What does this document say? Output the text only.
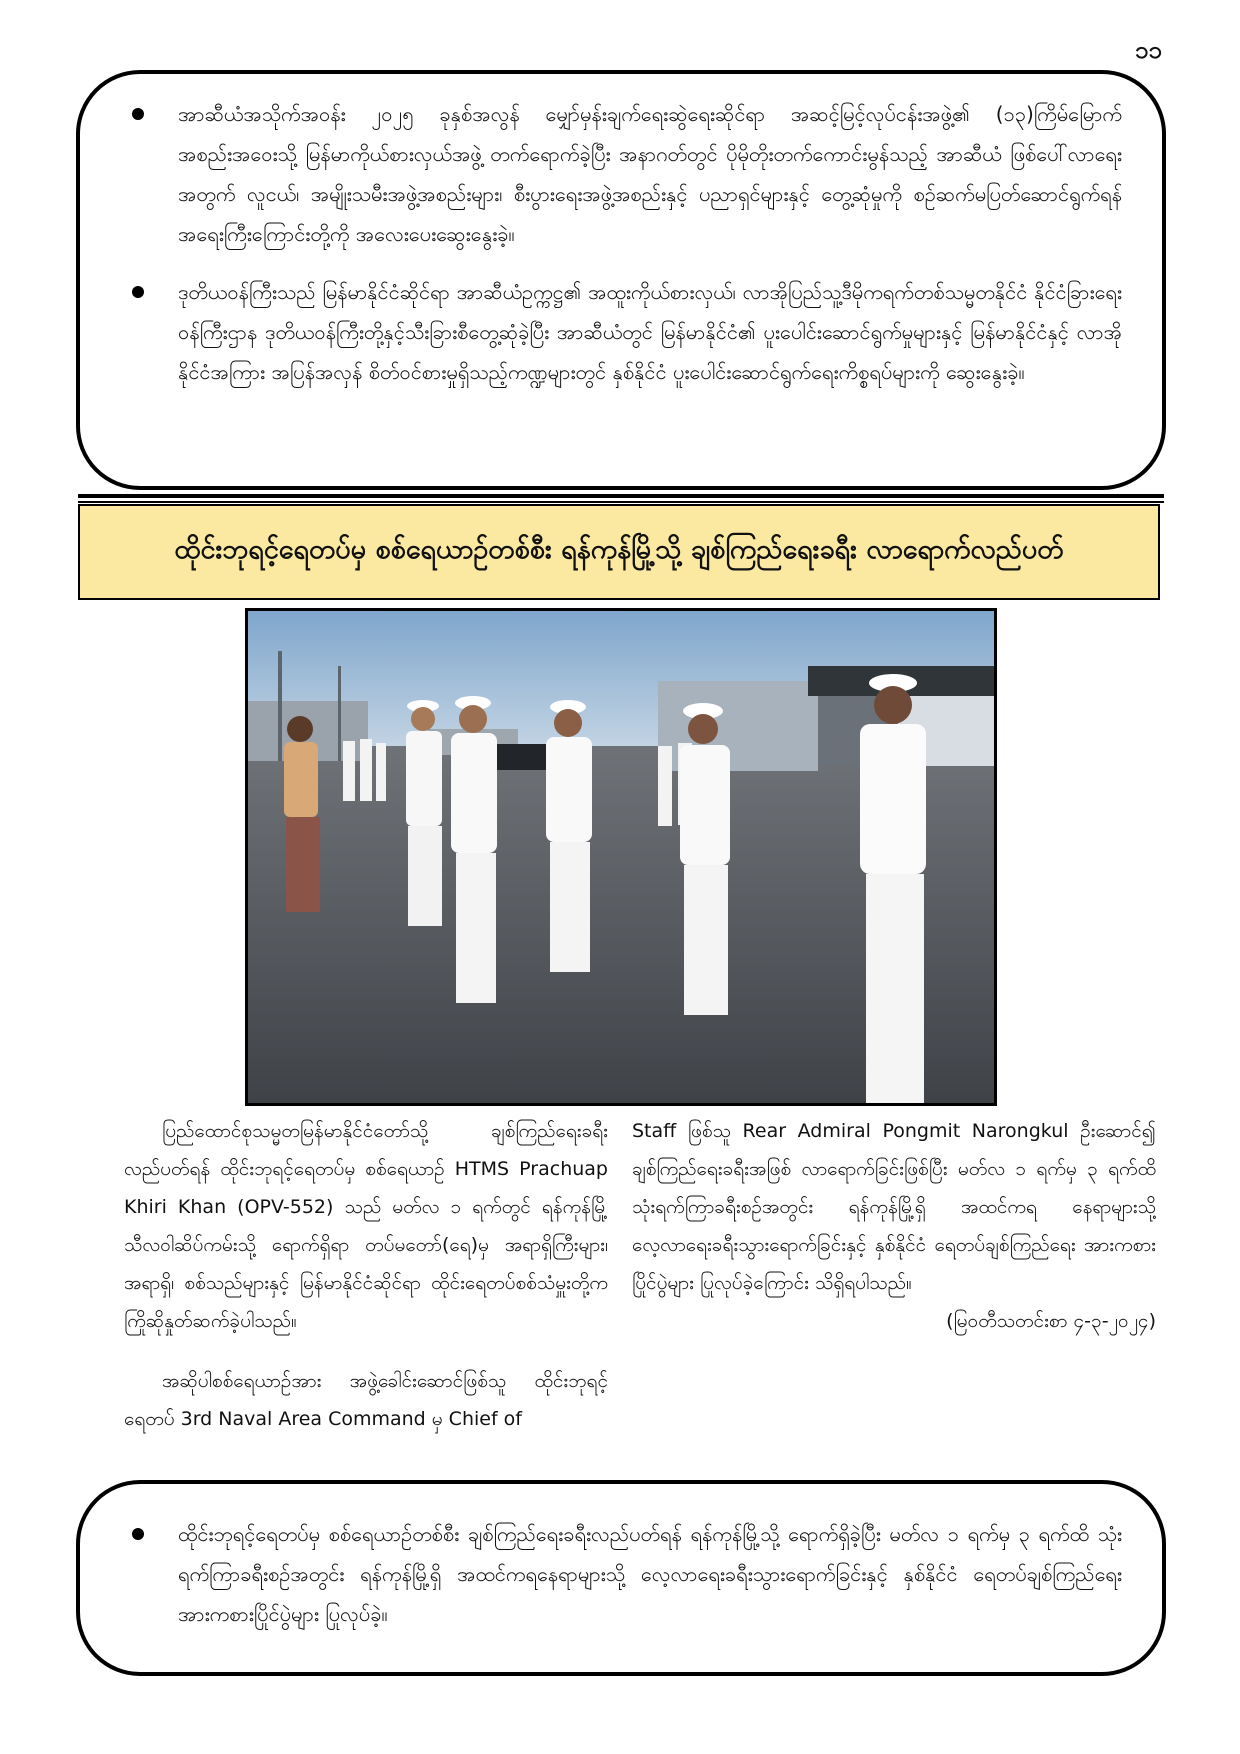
၁၁
အာဆီယံအသိုက်အဝန်း ၂၀၂၅ ခုနှစ်အလွန် မျှော်မှန်းချက်ရေးဆွဲရေးဆိုင်ရာ အဆင့်မြင့်လုပ်ငန်းအဖွဲ့၏ (၁၃)ကြိမ်မြောက် အစည်းအဝေးသို့ မြန်မာကိုယ်စားလှယ်အဖွဲ့ တက်ရောက်ခဲ့ပြီး အနာဂတ်တွင် ပိုမိုတိုးတက်ကောင်းမွန်သည့် အာဆီယံ ဖြစ်ပေါ်လာရေးအတွက် လူငယ်၊ အမျိုးသမီးအဖွဲ့အစည်းများ၊ စီးပွားရေးအဖွဲ့အစည်းနှင့် ပညာရှင်များနှင့် တွေ့ဆုံမှုကို စဉ်ဆက်မပြတ်ဆောင်ရွက်ရန် အရေးကြီးကြောင်းတို့ကို အလေးပေးဆွေးနွေးခဲ့။
ဒုတိယဝန်ကြီးသည် မြန်မာနိုင်ငံဆိုင်ရာ အာဆီယံဥက္ကဋ္ဌ၏ အထူးကိုယ်စားလှယ်၊ လာအိုပြည်သူ့ဒီမိုကရက်တစ်သမ္မတနိုင်ငံ နိုင်ငံခြားရေးဝန်ကြီးဌာန ဒုတိယဝန်ကြီးတို့နှင့်သီးခြားစီတွေ့ဆုံခဲ့ပြီး အာဆီယံတွင် မြန်မာနိုင်ငံ၏ ပူးပေါင်းဆောင်ရွက်မှုများနှင့် မြန်မာနိုင်ငံနှင့် လာအိုနိုင်ငံအကြား အပြန်အလှန် စိတ်ဝင်စားမှုရှိသည့်ကဏ္ဍများတွင် နှစ်နိုင်ငံ ပူးပေါင်းဆောင်ရွက်ရေးကိစ္စရပ်များကို ဆွေးနွေးခဲ့။
ထိုင်းဘုရင့်ရေတပ်မှ စစ်ရေယာဉ်တစ်စီး ရန်ကုန်မြို့သို့ ချစ်ကြည်ရေးခရီး လာရောက်လည်ပတ်

ပြည်ထောင်စုသမ္မတမြန်မာနိုင်ငံတော်သို့ ချစ်ကြည်ရေးခရီးလည်ပတ်ရန် ထိုင်းဘုရင့်ရေတပ်မှ စစ်ရေယာဉ် HTMS Prachuap Khiri Khan (OPV-552) သည် မတ်လ ၁ ရက်တွင် ရန်ကုန်မြို့ သီလဝါဆိပ်ကမ်းသို့ ရောက်ရှိရာ တပ်မတော်(ရေ)မှ အရာရှိကြီးများ၊ အရာရှိ၊ စစ်သည်များနှင့် မြန်မာနိုင်ငံဆိုင်ရာ ထိုင်းရေတပ်စစ်သံမှူးတို့က ကြိုဆိုနှုတ်ဆက်ခဲ့ပါသည်။

အဆိုပါစစ်ရေယာဉ်အား အဖွဲ့ခေါင်းဆောင်ဖြစ်သူ ထိုင်းဘုရင့်ရေတပ် 3rd Naval Area Command မှ Chief of

Staff ဖြစ်သူ Rear Admiral Pongmit Narongkul ဦးဆောင်၍ ချစ်ကြည်ရေးခရီးအဖြစ် လာရောက်ခြင်းဖြစ်ပြီး မတ်လ ၁ ရက်မှ ၃ ရက်ထိ သုံးရက်ကြာခရီးစဉ်အတွင်း ရန်ကုန်မြို့ရှိ အထင်ကရ နေရာများသို့ လေ့လာရေးခရီးသွားရောက်ခြင်းနှင့် နှစ်နိုင်ငံ ရေတပ်ချစ်ကြည်ရေး အားကစားပြိုင်ပွဲများ ပြုလုပ်ခဲ့ကြောင်း သိရှိရပါသည်။

(မြဝတီသတင်းစာ ၄-၃-၂၀၂၄)

ထိုင်းဘုရင့်ရေတပ်မှ စစ်ရေယာဉ်တစ်စီး ချစ်ကြည်ရေးခရီးလည်ပတ်ရန် ရန်ကုန်မြို့သို့ ရောက်ရှိခဲ့ပြီး မတ်လ ၁ ရက်မှ ၃ ရက်ထိ သုံးရက်ကြာခရီးစဉ်အတွင်း ရန်ကုန်မြို့ရှိ အထင်ကရနေရာများသို့ လေ့လာရေးခရီးသွားရောက်ခြင်းနှင့် နှစ်နိုင်ငံ ရေတပ်ချစ်ကြည်ရေး အားကစားပြိုင်ပွဲများ ပြုလုပ်ခဲ့။
